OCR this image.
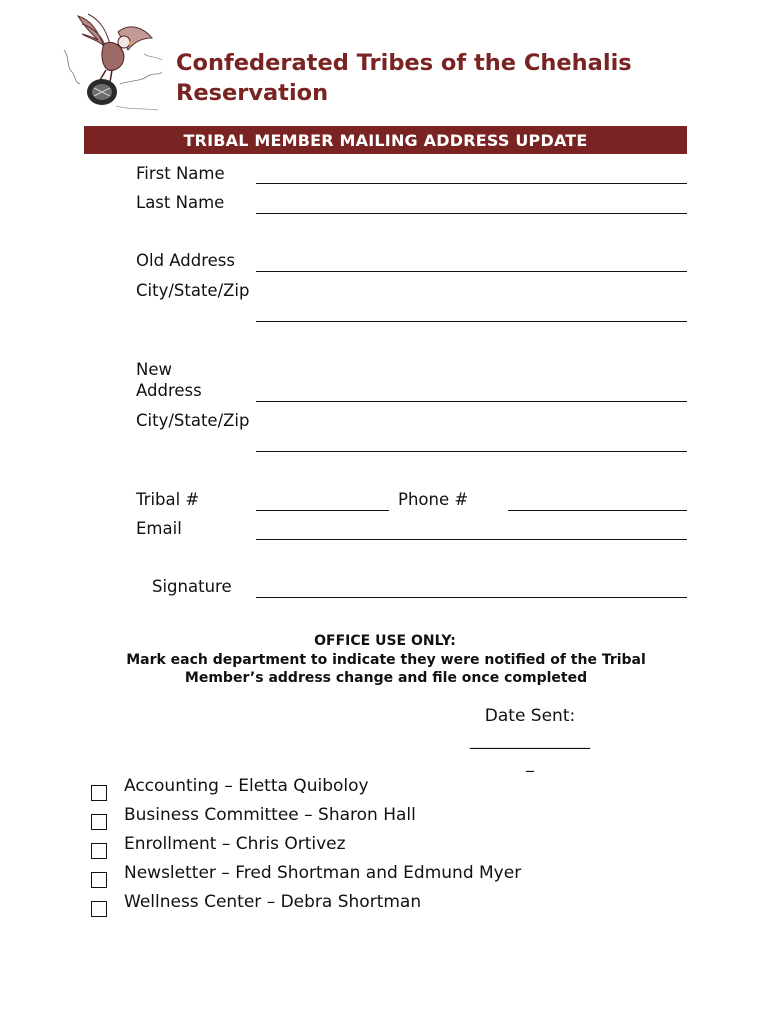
Confederated Tribes of the Chehalis Reservation
TRIBAL MEMBER MAILING ADDRESS UPDATE
First Name
Last Name
Old Address
City/State/Zip
New Address
City/State/Zip
Tribal #	Phone #
Email
Signature
OFFICE USE ONLY:
Mark each department to indicate they were notified of the Tribal Member’s address change and file once completed
Date Sent:
_______________
_
Accounting – Eletta Quiboloy
Business Committee – Sharon Hall
Enrollment – Chris Ortivez
Newsletter – Fred Shortman and Edmund Myer
Wellness Center – Debra Shortman
